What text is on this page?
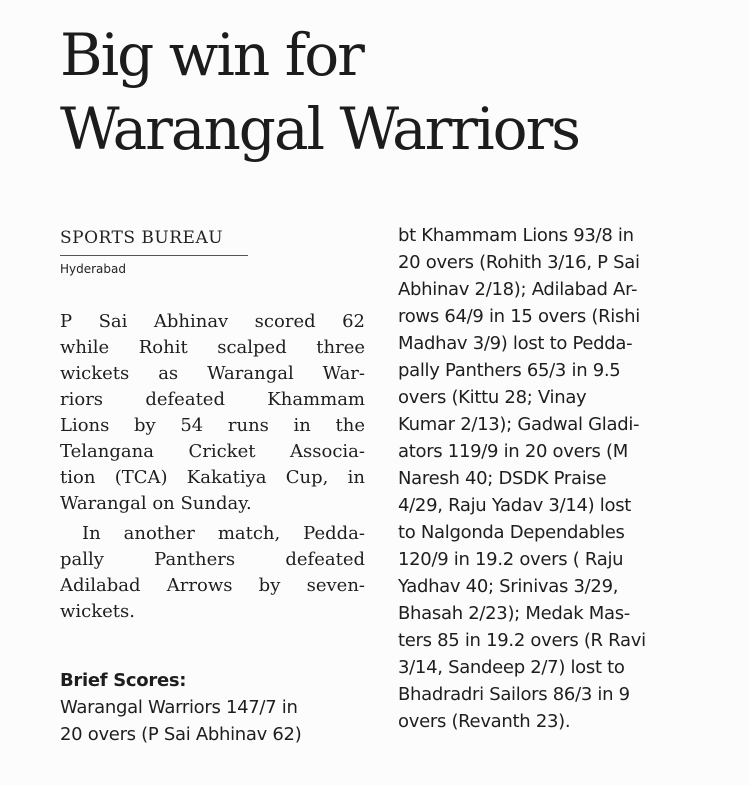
Big win for
Warangal Warriors
SPORTS BUREAU
Hyderabad
P Sai Abhinav scored 62
while Rohit scalped three
wickets as Warangal War-
riors defeated Khammam
Lions by 54 runs in the
Telangana Cricket Associa-
tion (TCA) Kakatiya Cup, in
Warangal on Sunday.
In another match, Pedda-
pally Panthers defeated
Adilabad Arrows by seven-
wickets.
Brief Scores:
Warangal Warriors 147/7 in
20 overs (P Sai Abhinav 62)
bt Khammam Lions 93/8 in
20 overs (Rohith 3/16, P Sai
Abhinav 2/18); Adilabad Ar-
rows 64/9 in 15 overs (Rishi
Madhav 3/9) lost to Pedda-
pally Panthers 65/3 in 9.5
overs (Kittu 28; Vinay
Kumar 2/13); Gadwal Gladi-
ators 119/9 in 20 overs (M
Naresh 40; DSDK Praise
4/29, Raju Yadav 3/14) lost
to Nalgonda Dependables
120/9 in 19.2 overs ( Raju
Yadhav 40; Srinivas 3/29,
Bhasah 2/23); Medak Mas-
ters 85 in 19.2 overs (R Ravi
3/14, Sandeep 2/7) lost to
Bhadradri Sailors 86/3 in 9
overs (Revanth 23).
